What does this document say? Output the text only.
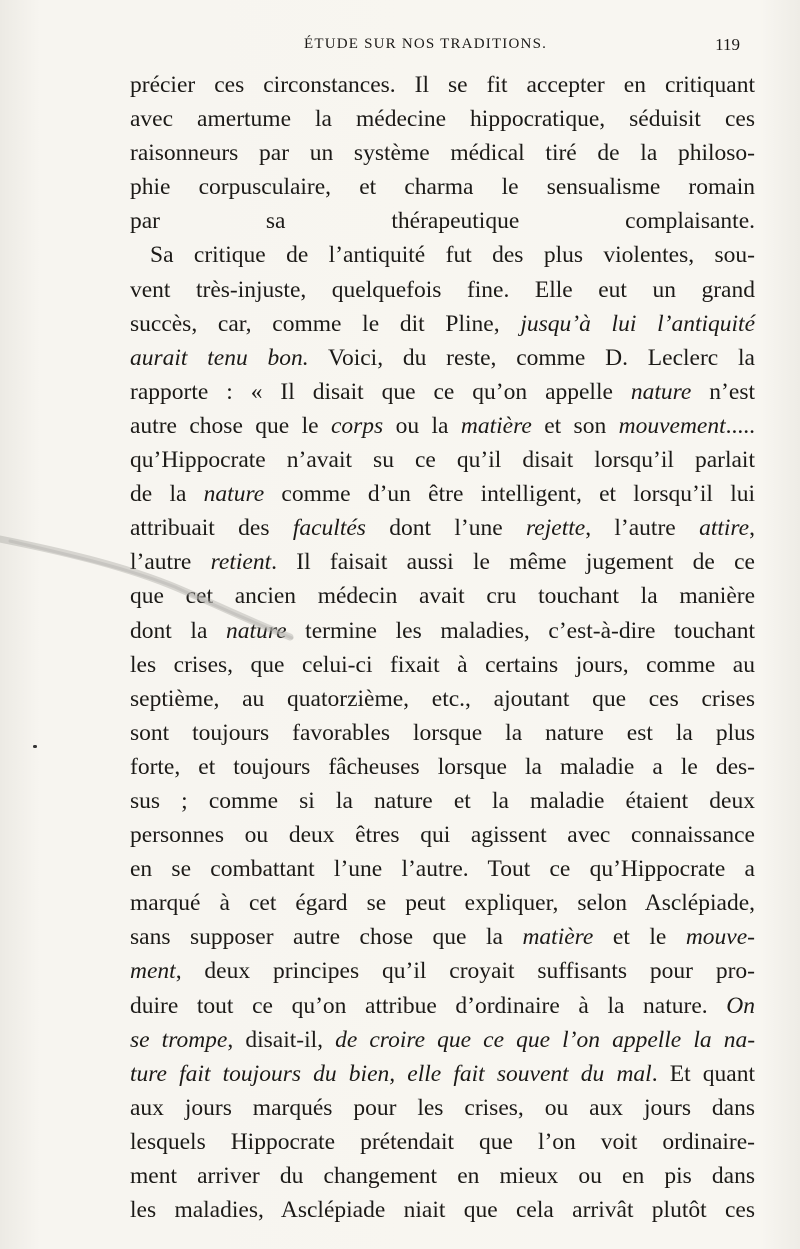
ÉTUDE SUR NOS TRADITIONS.	119
précier ces circonstances. Il se fit accepter en critiquant
avec amertume la médecine hippocratique, séduisit ces
raisonneurs par un système médical tiré de la philoso-
phie corpusculaire, et charma le sensualisme romain
par sa thérapeutique complaisante.
Sa critique de l’antiquité fut des plus violentes, sou-
vent très-injuste, quelquefois fine. Elle eut un grand
succès, car, comme le dit Pline, jusqu’à lui l’antiquité
aurait tenu bon. Voici, du reste, comme D. Leclerc la
rapporte : « Il disait que ce qu’on appelle nature n’est
autre chose que le corps ou la matière et son mouvement.....
qu’Hippocrate n’avait su ce qu’il disait lorsqu’il parlait
de la nature comme d’un être intelligent, et lorsqu’il lui
attribuait des facultés dont l’une rejette, l’autre attire,
l’autre retient. Il faisait aussi le même jugement de ce
que cet ancien médecin avait cru touchant la manière
dont la nature termine les maladies, c’est-à-dire touchant
les crises, que celui-ci fixait à certains jours, comme au
septième, au quatorzième, etc., ajoutant que ces crises
sont toujours favorables lorsque la nature est la plus
forte, et toujours fâcheuses lorsque la maladie a le des-
sus ; comme si la nature et la maladie étaient deux
personnes ou deux êtres qui agissent avec connaissance
en se combattant l’une l’autre. Tout ce qu’Hippocrate a
marqué à cet égard se peut expliquer, selon Asclépiade,
sans supposer autre chose que la matière et le mouve-
ment, deux principes qu’il croyait suffisants pour pro-
duire tout ce qu’on attribue d’ordinaire à la nature. On
se trompe, disait-il, de croire que ce que l’on appelle la na-
ture fait toujours du bien, elle fait souvent du mal. Et quant
aux jours marqués pour les crises, ou aux jours dans
lesquels Hippocrate prétendait que l’on voit ordinaire-
ment arriver du changement en mieux ou en pis dans
les maladies, Asclépiade niait que cela arrivât plutôt ces
